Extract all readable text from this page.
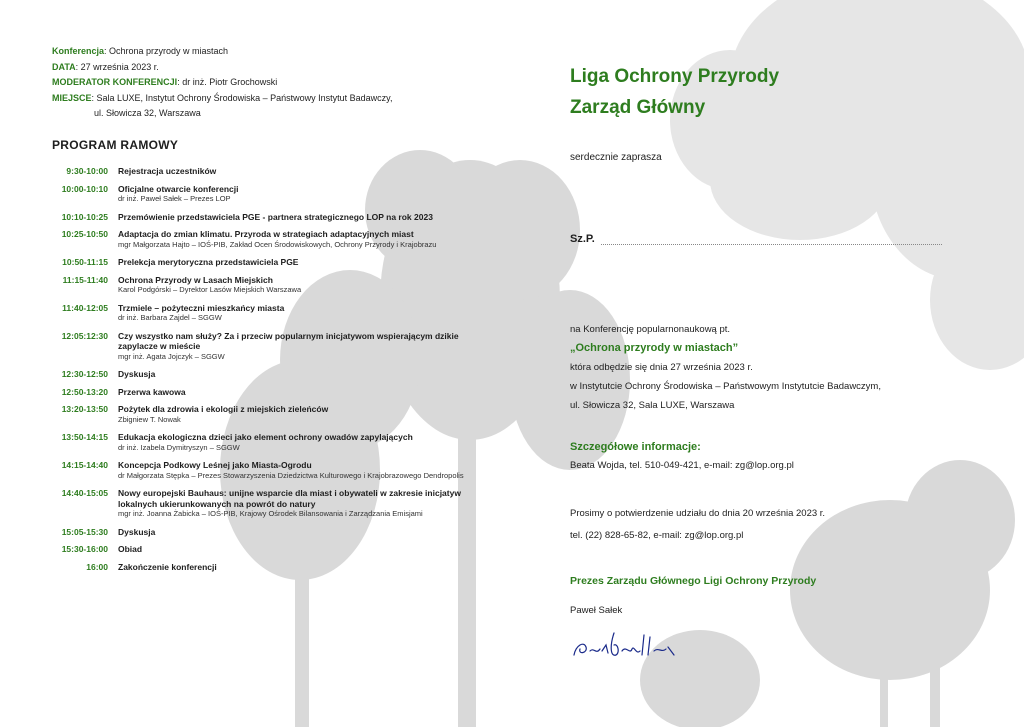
Konferencja: Ochrona przyrody w miastach
DATA: 27 września 2023 r.
MODERATOR KONFERENCJI: dr inż. Piotr Grochowski
MIEJSCE: Sala LUXE, Instytut Ochrony Środowiska – Państwowy Instytut Badawczy,
ul. Słowicza 32, Warszawa
PROGRAM RAMOWY
9:30-10:00	Rejestracja uczestników
10:00-10:10	Oficjalne otwarcie konferencji
dr inż. Paweł Sałek – Prezes LOP
10:10-10:25	Przemówienie przedstawiciela PGE - partnera strategicznego LOP na rok 2023
10:25-10:50	Adaptacja do zmian klimatu. Przyroda w strategiach adaptacyjnych miast
mgr Małgorzata Hajto – IOŚ-PIB, Zakład Ocen Środowiskowych, Ochrony Przyrody i Krajobrazu
10:50-11:15	Prelekcja merytoryczna przedstawiciela PGE
11:15-11:40	Ochrona Przyrody w Lasach Miejskich
Karol Podgórski – Dyrektor Lasów Miejskich Warszawa
11:40-12:05	Trzmiele – pożyteczni mieszkańcy miasta
dr inż. Barbara Zajdel – SGGW
12:05:12:30	Czy wszystko nam służy? Za i przeciw popularnym inicjatywom wspierającym dzikie zapylacze w mieście
mgr inż. Agata Jojczyk – SGGW
12:30-12:50	Dyskusja
12:50-13:20	Przerwa kawowa
13:20-13:50	Pożytek dla zdrowia i ekologii z miejskich zieleńców
Zbigniew T. Nowak
13:50-14:15	Edukacja ekologiczna dzieci jako element ochrony owadów zapylających
dr inż. Izabela Dymitryszyn – SGGW
14:15-14:40	Koncepcja Podkowy Leśnej jako Miasta-Ogrodu
dr Małgorzata Stępka – Prezes Stowarzyszenia Dziedzictwa Kulturowego i Krajobrazowego Dendropolis
14:40-15:05	Nowy europejski Bauhaus: unijne wsparcie dla miast i obywateli w zakresie inicjatyw lokalnych ukierunkowanych na powrót do natury
mgr inż. Joanna Żabicka – IOŚ-PIB, Krajowy Ośrodek Bilansowania i Zarządzania Emisjami
15:05-15:30	Dyskusja
15:30-16:00	Obiad
16:00	Zakończenie konferencji
Liga Ochrony Przyrody
Zarząd Główny
serdecznie zaprasza
Sz.P.
na Konferencję popularnonaukową pt.
„Ochrona przyrody w miastach”
która odbędzie się dnia 27 września 2023 r.
w Instytutcie Ochrony Środowiska – Państwowym Instytutcie Badawczym,
ul. Słowicza 32, Sala LUXE, Warszawa
Szczegółowe informacje:
Beata Wojda, tel. 510-049-421, e-mail: zg@lop.org.pl
Prosimy o potwierdzenie udziału do dnia 20 września 2023 r.
tel. (22) 828-65-82, e-mail: zg@lop.org.pl
Prezes Zarządu Głównego Ligi Ochrony Przyrody
Paweł Sałek
